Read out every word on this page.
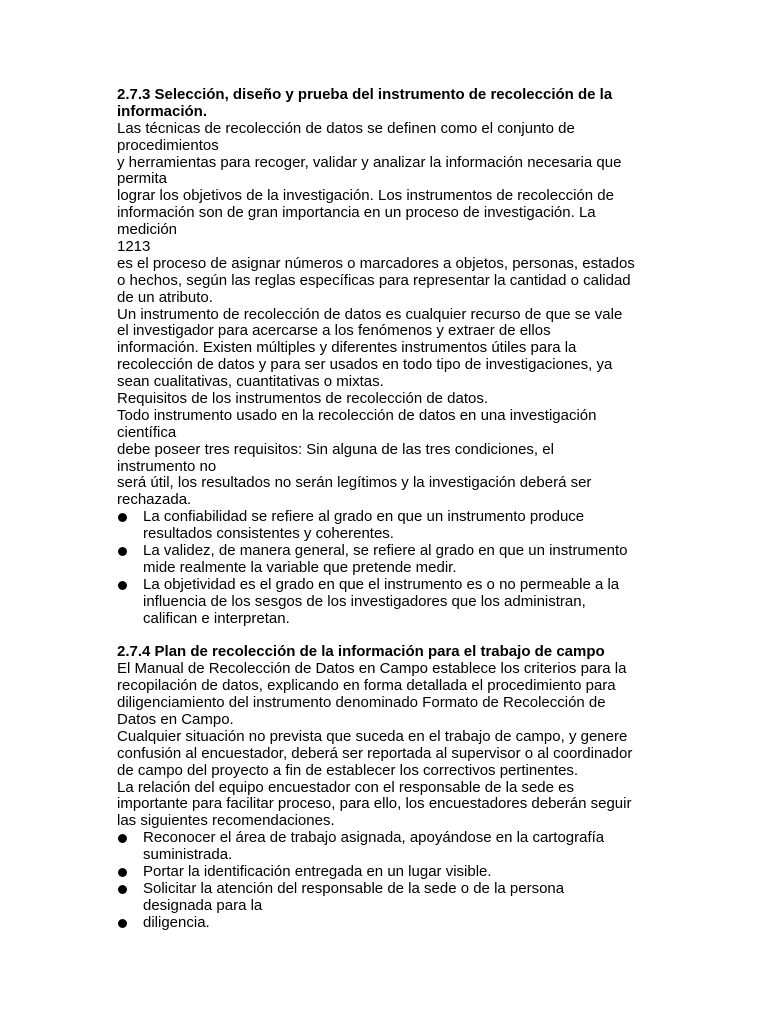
2.7.3 Selección, diseño y prueba del instrumento de recolección de la
información.
Las técnicas de recolección de datos se definen como el conjunto de
procedimientos
y herramientas para recoger, validar y analizar la información necesaria que
permita
lograr los objetivos de la investigación. Los instrumentos de recolección de
información son de gran importancia en un proceso de investigación. La
medición
1213
es el proceso de asignar números o marcadores a objetos, personas, estados
o hechos, según las reglas específicas para representar la cantidad o calidad
de un atributo.
Un instrumento de recolección de datos es cualquier recurso de que se vale
el investigador para acercarse a los fenómenos y extraer de ellos
información. Existen múltiples y diferentes instrumentos útiles para la
recolección de datos y para ser usados en todo tipo de investigaciones, ya
sean cualitativas, cuantitativas o mixtas.
Requisitos de los instrumentos de recolección de datos.
Todo instrumento usado en la recolección de datos en una investigación
científica
debe poseer tres requisitos: Sin alguna de las tres condiciones, el
instrumento no
será útil, los resultados no serán legítimos y la investigación deberá ser
rechazada.
La confiabilidad se refiere al grado en que un instrumento produce
resultados consistentes y coherentes.
La validez, de manera general, se refiere al grado en que un instrumento
mide realmente la variable que pretende medir.
La objetividad es el grado en que el instrumento es o no permeable a la
influencia de los sesgos de los investigadores que los administran,
califican e interpretan.
2.7.4 Plan de recolección de la información para el trabajo de campo
El Manual de Recolección de Datos en Campo establece los criterios para la
recopilación de datos, explicando en forma detallada el procedimiento para
diligenciamiento del instrumento denominado Formato de Recolección de
Datos en Campo.
Cualquier situación no prevista que suceda en el trabajo de campo, y genere
confusión al encuestador, deberá ser reportada al supervisor o al coordinador
de campo del proyecto a fin de establecer los correctivos pertinentes.
La relación del equipo encuestador con el responsable de la sede es
importante para facilitar proceso, para ello, los encuestadores deberán seguir
las siguientes recomendaciones.
Reconocer el área de trabajo asignada, apoyándose en la cartografía
suministrada.
Portar la identificación entregada en un lugar visible.
Solicitar la atención del responsable de la sede o de la persona
designada para la
diligencia.
